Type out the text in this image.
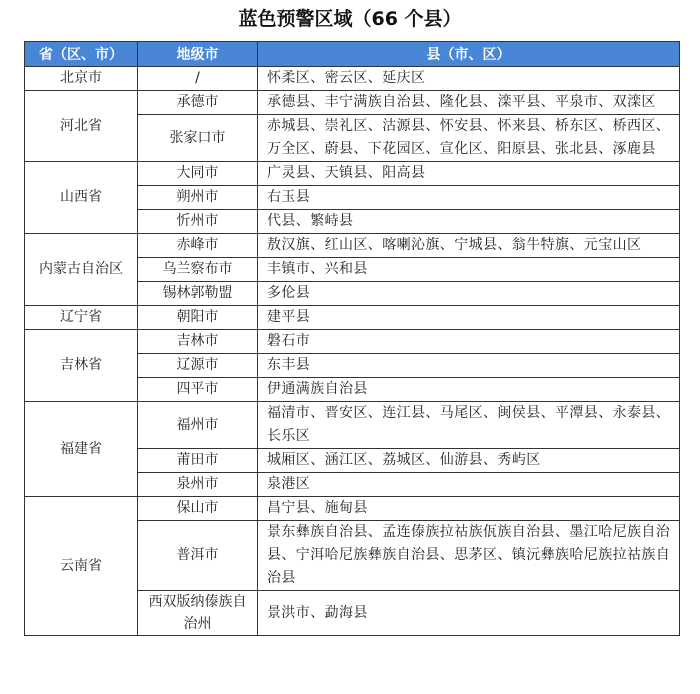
蓝色预警区域（66 个县）
省（区、市）	地级市	县（市、区）
北京市	/	怀柔区、密云区、延庆区
河北省	承德市	承德县、丰宁满族自治县、隆化县、滦平县、平泉市、双滦区
	张家口市	赤城县、崇礼区、沽源县、怀安县、怀来县、桥东区、桥西区、万全区、蔚县、下花园区、宣化区、阳原县、张北县、涿鹿县
山西省	大同市	广灵县、天镇县、阳高县
	朔州市	右玉县
	忻州市	代县、繁峙县
内蒙古自治区	赤峰市	敖汉旗、红山区、喀喇沁旗、宁城县、翁牛特旗、元宝山区
	乌兰察布市	丰镇市、兴和县
	锡林郭勒盟	多伦县
辽宁省	朝阳市	建平县
吉林省	吉林市	磐石市
	辽源市	东丰县
	四平市	伊通满族自治县
福建省	福州市	福清市、晋安区、连江县、马尾区、闽侯县、平潭县、永泰县、长乐区
	莆田市	城厢区、涵江区、荔城区、仙游县、秀屿区
	泉州市	泉港区
云南省	保山市	昌宁县、施甸县
	普洱市	景东彝族自治县、孟连傣族拉祜族佤族自治县、墨江哈尼族自治县、宁洱哈尼族彝族自治县、思茅区、镇沅彝族哈尼族拉祜族自治县
	西双版纳傣族自治州	景洪市、勐海县
